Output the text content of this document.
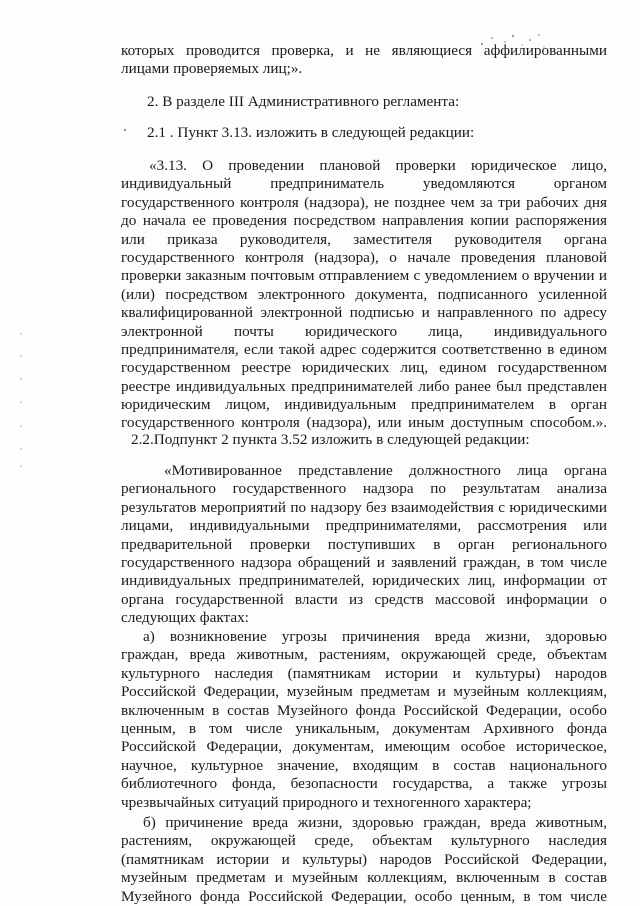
которых проводится проверка, и не являющиеся аффилированными
лицами проверяемых лиц;».
2. В разделе III Административного регламента:
2.1 . Пункт 3.13. изложить в следующей редакции:
«3.13. О проведении плановой проверки юридическое лицо,
индивидуальный предприниматель уведомляются органом
государственного контроля (надзора), не позднее чем за три рабочих дня
до начала ее проведения посредством направления копии распоряжения
или приказа руководителя, заместителя руководителя органа
государственного контроля (надзора), о начале проведения плановой
проверки заказным почтовым отправлением с уведомлением о вручении и
(или) посредством электронного документа, подписанного усиленной
квалифицированной электронной подписью и направленного по адресу
электронной почты юридического лица, индивидуального
предпринимателя, если такой адрес содержится соответственно в едином
государственном реестре юридических лиц, едином государственном
реестре индивидуальных предпринимателей либо ранее был представлен
юридическим лицом, индивидуальным предпринимателем в орган
государственного контроля (надзора), или иным доступным способом.».
2.2.Подпункт 2 пункта 3.52 изложить в следующей редакции:
«Мотивированное представление должностного лица органа
регионального государственного надзора по результатам анализа
результатов мероприятий по надзору без взаимодействия с юридическими
лицами, индивидуальными предпринимателями, рассмотрения или
предварительной проверки поступивших в орган регионального
государственного надзора обращений и заявлений граждан, в том числе
индивидуальных предпринимателей, юридических лиц, информации от
органа государственной власти из средств массовой информации о
следующих фактах:
а) возникновение угрозы причинения вреда жизни, здоровью
граждан, вреда животным, растениям, окружающей среде, объектам
культурного наследия (памятникам истории и культуры) народов
Российской Федерации, музейным предметам и музейным коллекциям,
включенным в состав Музейного фонда Российской Федерации, особо
ценным, в том числе уникальным, документам Архивного фонда
Российской Федерации, документам, имеющим особое историческое,
научное, культурное значение, входящим в состав национального
библиотечного фонда, безопасности государства, а также угрозы
чрезвычайных ситуаций природного и техногенного характера;
б) причинение вреда жизни, здоровью граждан, вреда животным,
растениям, окружающей среде, объектам культурного наследия
(памятникам истории и культуры) народов Российской Федерации,
музейным предметам и музейным коллекциям, включенным в состав
Музейного фонда Российской Федерации, особо ценным, в том числе
